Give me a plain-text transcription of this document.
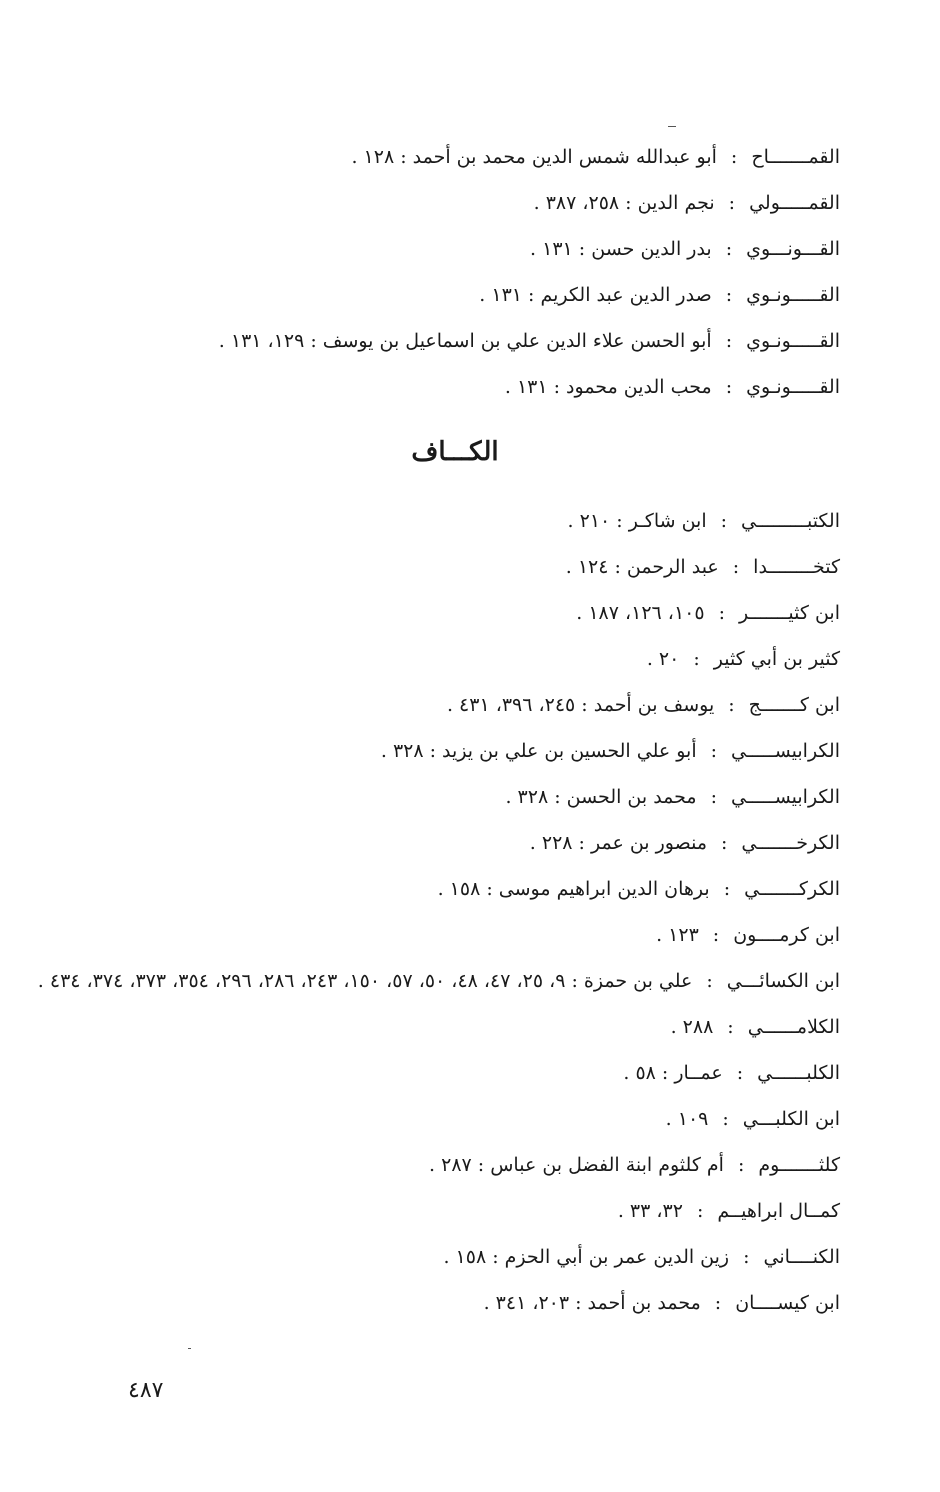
القمـــــــاح
:
أبو عبدالله شمس الدين محمد بن أحمد : ١٢٨ .
القمـــــولي
:
نجم الدين : ٢٥٨، ٣٨٧ .
القـــونـــوي
:
بدر الدين حسن : ١٣١ .
القـــــونـوي
:
صدر الدين عبد الكريم : ١٣١ .
القـــــونـوي
:
أبو الحسن علاء الدين علي بن اسماعيل بن يوسف : ١٢٩، ١٣١ .
القـــــونـوي
:
محب الدين محمود : ١٣١ .
الكـــاف
الكتبـــــــــي
:
ابن شاكـر : ٢١٠ .
كتخــــــــدا
:
عبد الرحمن : ١٢٤ .
ابن كثيـــــــر
:
١٠٥، ١٢٦، ١٨٧ .
كثير بن أبي كثير
:
٢٠ .
ابن كـــــــج
:
يوسف بن أحمد : ٢٤٥، ٣٩٦، ٤٣١ .
الكرابيســـــي
:
أبو علي الحسين بن علي بن يزيد : ٣٢٨ .
الكرابيســـــي
:
محمد بن الحسن : ٣٢٨ .
الكرخـــــــي
:
منصور بن عمر : ٢٢٨ .
الكركـــــــي
:
برهان الدين ابراهيم موسى : ١٥٨ .
ابن كرمــــون
:
١٢٣ .
ابن الكسائـــي
:
علي بن حمزة : ٩، ٢٥، ٤٧، ٤٨، ٥٠، ٥٧، ١٥٠، ٢٤٣، ٢٨٦، ٢٩٦، ٣٥٤، ٣٧٣، ٣٧٤، ٤٣٤ .
الكلامــــــي
:
٢٨٨ .
الكلبــــــي
:
عمــار : ٥٨ .
ابن الكلبـــي
:
١٠٩ .
كلثـــــــوم
:
أم كلثوم ابنة الفضل بن عباس : ٢٨٧ .
كمــال ابراهيــم
:
٣٢، ٣٣ .
الكنــــاني
:
زين الدين عمر بن أبي الحزم : ١٥٨ .
ابن كيســــان
:
محمد بن أحمد : ٢٠٣، ٣٤١ .
٤٨٧
